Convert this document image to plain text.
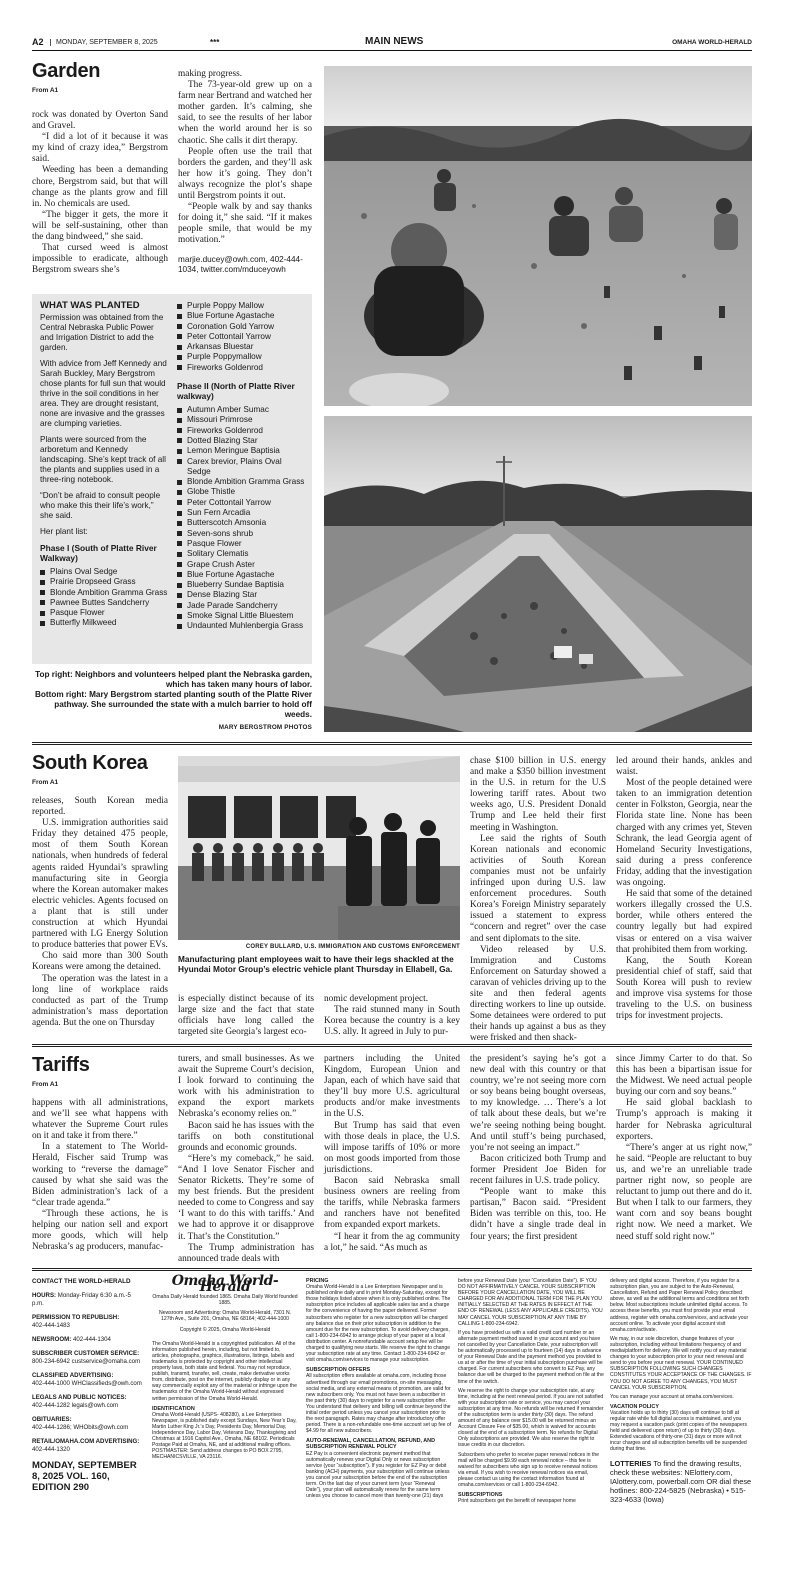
A2	MONDAY, SEPTEMBER 8, 2025	***	MAIN NEWS	OMAHA WORLD-HERALD
Garden
From A1

rock was donated by Overton Sand and Gravel.

“I did a lot of it because it was my kind of crazy idea,” Bergstrom said.

Weeding has been a demanding chore, Bergstrom said, but that will change as the plants grow and fill in. No chemicals are used.

“The bigger it gets, the more it will be self-sustaining, other than the dang bindweed,” she said.

That cursed weed is almost impossible to eradicate, although Bergstrom swears she’s

making progress.

The 73-year-old grew up on a farm near Bertrand and watched her mother garden. It’s calming, she said, to see the results of her labor when the world around her is so chaotic. She calls it dirt therapy.

People often use the trail that borders the garden, and they’ll ask her how it’s going. They don’t always recognize the plot’s shape until Bergstrom points it out.

“People walk by and say thanks for doing it,” she said. “If it makes people smile, that would be my motivation.”

marjie.ducey@owh.com, 402-444-1034, twitter.com/mduceyowh

WHAT WAS PLANTED

Permission was obtained from the Central Nebraska Public Power and Irrigation District to add the garden.

With advice from Jeff Kennedy and Sarah Buckley, Mary Bergstrom chose plants for full sun that would thrive in the soil conditions in her area. They are drought resistant, none are invasive and the grasses are clumping varieties.

Plants were sourced from the arboretum and Kennedy landscaping. She’s kept track of all the plants and supplies used in a three-ring notebook.

“Don’t be afraid to consult people who make this their life’s work,” she said.

Her plant list:

Phase I (South of Platte River Walkway)
Plains Oval Sedge
Prairie Dropseed Grass
Blonde Ambition Gramma Grass
Pawnee Buttes Sandcherry
Pasque Flower
Butterfly Milkweed
Purple Poppy Mallow
Blue Fortune Agastache
Coronation Gold Yarrow
Peter Cottontail Yarrow
Arkansas Bluestar
Purple Poppymallow
Fireworks Goldenrod
Phase II (North of Platte River walkway)
Autumn Amber Sumac
Missouri Primrose
Fireworks Goldenrod
Dotted Blazing Star
Lemon Meringue Baptisia
Carex brevior, Plains Oval Sedge
Blonde Ambition Gramma Grass
Globe Thistle
Peter Cottontail Yarrow
Sun Fern Arcadia
Butterscotch Amsonia
Seven-sons shrub
Pasque Flower
Solitary Clematis
Grape Crush Aster
Blue Fortune Agastache
Blueberry Sundae Baptisia
Dense Blazing Star
Jade Parade Sandcherry
Smoke Signal Little Bluestem
Undaunted Muhlenbergia Grass

Top right: Neighbors and volunteers helped plant the Nebraska garden, which has taken many hours of labor.

Bottom right: Mary Bergstrom started planting south of the Platte River pathway. She surrounded the state with a mulch barrier to hold off weeds.

MARY BERGSTROM PHOTOS

South Korea
From A1

releases, South Korean media reported.

U.S. immigration authorities said Friday they detained 475 people, most of them South Korean nationals, when hundreds of federal agents raided Hyundai’s sprawling manufacturing site in Georgia where the Korean automaker makes electric vehicles. Agents focused on a plant that is still under construction at which Hyundai partnered with LG Energy Solution to produce batteries that power EVs.

Cho said more than 300 South Koreans were among the detained.

The operation was the latest in a long line of workplace raids conducted as part of the Trump administration’s mass deportation agenda. But the one on Thursday

COREY BULLARD, U.S. IMMIGRATION AND CUSTOMS ENFORCEMENT

Manufacturing plant employees wait to have their legs shackled at the Hyundai Motor Group’s electric vehicle plant Thursday in Ellabell, Ga.

is especially distinct because of its large size and the fact that state officials have long called the targeted site Georgia’s largest eco-

nomic development project.

The raid stunned many in South Korea because the country is a key U.S. ally. It agreed in July to pur-

chase $100 billion in U.S. energy and make a $350 billion investment in the U.S. in return for the U.S lowering tariff rates. About two weeks ago, U.S. President Donald Trump and Lee held their first meeting in Washington.

Lee said the rights of South Korean nationals and economic activities of South Korean companies must not be unfairly infringed upon during U.S. law enforcement procedures. South Korea’s Foreign Ministry separately issued a statement to express “concern and regret” over the case and sent diplomats to the site.

Video released by U.S. Immigration and Customs Enforcement on Saturday showed a caravan of vehicles driving up to the site and then federal agents directing workers to line up outside. Some detainees were ordered to put their hands up against a bus as they were frisked and then shack-

led around their hands, ankles and waist.

Most of the people detained were taken to an immigration detention center in Folkston, Georgia, near the Florida state line. None has been charged with any crimes yet, Steven Schrank, the lead Georgia agent of Homeland Security Investigations, said during a press conference Friday, adding that the investigation was ongoing.

He said that some of the detained workers illegally crossed the U.S. border, while others entered the country legally but had expired visas or entered on a visa waiver that prohibited them from working.

Kang, the South Korean presidential chief of staff, said that South Korea will push to review and improve visa systems for those traveling to the U.S. on business trips for investment projects.

Tariffs
From A1

happens with all administrations, and we’ll see what happens with whatever the Supreme Court rules on it and take it from there.”

In a statement to The World-Herald, Fischer said Trump was working to “reverse the damage” caused by what she said was the Biden administration’s lack of a “clear trade agenda.”

“Through these actions, he is helping our nation sell and export more goods, which will help Nebraska’s ag producers, manufac-

turers, and small businesses. As we await the Supreme Court’s decision, I look forward to continuing the work with his administration to expand the export markets Nebraska’s economy relies on.”

Bacon said he has issues with the tariffs on both constitutional grounds and economic grounds.

“Here’s my comeback,” he said. “And I love Senator Fischer and Senator Ricketts. They’re some of my best friends. But the president needed to come to Congress and say ‘I want to do this with tariffs.’ And we had to approve it or disapprove it. That’s the Constitution.”

The Trump administration has announced trade deals with

partners including the United Kingdom, European Union and Japan, each of which have said that they’ll buy more U.S. agricultural products and/or make investments in the U.S.

But Trump has said that even with those deals in place, the U.S. will impose tariffs of 10% or more on most goods imported from those jurisdictions.

Bacon said Nebraska small business owners are reeling from the tariffs, while Nebraska farmers and ranchers have not benefited from expanded export markets.

“I hear it from the ag community a lot,” he said. “As much as

the president’s saying he’s got a new deal with this country or that country, we’re not seeing more corn or soy beans being bought overseas, to my knowledge. … There’s a lot of talk about these deals, but we’re we’re seeing nothing being bought. And until stuff’s being purchased, you’re not seeing an impact.”

Bacon criticized both Trump and former President Joe Biden for recent failures in U.S. trade policy.

“People want to make this partisan,” Bacon said. “President Biden was terrible on this, too. He didn’t have a single trade deal in four years; the first president

since Jimmy Carter to do that. So this has been a bipartisan issue for the Midwest. We need actual people buying our corn and soy beans.”

He said global backlash to Trump’s approach is making it harder for Nebraska agricultural exporters.

“There’s anger at us right now,” he said. “People are reluctant to buy us, and we’re an unreliable trade partner right now, so people are reluctant to jump out there and do it. But when I talk to our farmers, they want corn and soy beans bought right now. We need a market. We need stuff sold right now.”

CONTACT THE WORLD-HERALD
HOURS: Monday-Friday 6:30 a.m.-5 p.m.
PERMISSION TO REPUBLISH:
402-444-1483
NEWSROOM: 402-444-1304
SUBSCRIBER CUSTOMER SERVICE: 800-234-6942 custservice@omaha.com
CLASSIFIED ADVERTISING:
402-444-1000 WHClassifieds@owh.com
LEGALS AND PUBLIC NOTICES:
402-444-1282 legals@owh.com
OBITUARIES:
402-444-1286; WHObits@owh.com
RETAIL/OMAHA.COM ADVERTISING: 402-444-1320
MONDAY, SEPTEMBER 8, 2025 VOL. 160, EDITION 290
Omaha World-Herald

Omaha Daily Herald founded 1865. Omaha Daily World founded 1885.

Newsroom and Advertising: Omaha World-Herald, 7301 N. 127th Ave., Suite 201, Omaha, NE 68164; 402-444-1000

Copyright © 2025, Omaha World-Herald

The Omaha World-Herald is a copyrighted publication. All of the information published herein, including, but not limited to, articles, photographs, graphics, illustrations, listings, labels and trademarks is protected by copyright and other intellectual property laws, both state and federal. You may not reproduce, publish, transmit, transfer, sell, create, make derivative works from, distribute, post on the internet, publicly display or in any way commercially exploit any of the material or infringe upon the trademarks of the Omaha World-Herald without expressed written permission of the Omaha World-Herald.

IDENTIFICATION

Omaha World-Herald (USPS- 408280), a Lee Enterprises Newspaper, is published daily except Sundays, New Year’s Day, Martin Luther King Jr.’s Day, Presidents Day, Memorial Day, Independence Day, Labor Day, Veterans Day, Thanksgiving and Christmas at 1916 Capitol Ave., Omaha, NE 68102. Periodicals Postage Paid at Omaha, NE, and at additional mailing offices. POSTMASTER: Send address changes to PO BOX 2795, MECHANICSVILLE, VA 23116.

PRICING

Omaha World-Herald is a Lee Enterprises Newspaper and is published online daily and in print Monday-Saturday, except for those holidays listed above when it is only published online. The subscription price includes all applicable sales tax and a charge for the convenience of having the paper delivered. Former subscribers who register for a new subscription will be charged any balance due on their prior subscription in addition to the amount due for the new subscription. To avoid delivery charges, call 1-800-234-6942 to arrange pickup of your paper at a local distribution center. A nonrefundable account setup fee will be charged to qualifying new starts. We reserve the right to change your subscription rate at any time. Contact 1-800-234-6942 or visit omaha.com/services to manage your subscription.

SUBSCRIPTION OFFERS

All subscription offers available at omaha.com, including those advertised through our email promotions, on-site messaging, social media, and any external means of promotion, are valid for new subscribers only. You must not have been a subscriber in the past thirty (30) days to register for a new subscription offer. You understand that delivery and billing will continue beyond the initial order period unless you cancel your subscription prior to the next paragraph. Rates may change after introductory offer period. There is a non-refundable one-time account set up fee of $4.99 for all new subscribers.

AUTO-RENEWAL, CANCELLATION, REFUND, AND SUBSCRIPTION RENEWAL POLICY

EZ Pay is a convenient electronic payment method that automatically renews your Digital Only or news subscription service (your “subscription”). If you register for EZ Pay or debit banking (ACH) payments, your subscription will continue unless you cancel your subscription before the end of the subscription term. On the last day of your current term (your “Renewal Date”), your plan will automatically renew for the same term unless you choose to cancel more than twenty-one (21) days

before your Renewal Date (your “Cancellation Date”). IF YOU DO NOT AFFIRMATIVELY CANCEL YOUR SUBSCRIPTION BEFORE YOUR CANCELLATION DATE, YOU WILL BE CHARGED FOR AN ADDITIONAL TERM FOR THE PLAN YOU INITIALLY SELECTED AT THE RATES IN EFFECT AT THE END OF RENEWAL (LESS ANY APPLICABLE CREDITS). YOU MAY CANCEL YOUR SUBSCRIPTION AT ANY TIME BY CALLING 1-800-234-6942.

If you have provided us with a valid credit card number or an alternate payment method saved in your account and you have not cancelled by your Cancellation Date, your subscription will be automatically processed up to fourteen (14) days in advance of your Renewal Date and the payment method you provided to us at or after the time of your initial subscription purchase will be charged. For current subscribers who convert to EZ Pay, any balance due will be charged to the payment method on file at the time of the switch.

We reserve the right to change your subscription rate, at any time, including at the next renewal period. If you are not satisfied with your subscription rate or service, you may cancel your subscription at any time. No refunds will be returned if remainder of the subscription term is under thirty (30) days. The refund amount of any balance over $15.00 will be returned minus an Account Closure Fee of $35.00, which is waived for accounts closed at the end of a subscription term. No refunds for Digital Only subscriptions are provided. We also reserve the right to issue credits in our discretion.

Subscribers who prefer to receive paper renewal notices in the mail will be charged $9.99 each renewal notice – this fee is waived for subscribers who sign up to receive renewal notices via email. If you wish to receive renewal notices via email, please contact us using the contact information found at omaha.com/services or call 1-800-234-6942.

SUBSCRIPTIONS

Print subscribers get the benefit of newspaper home

delivery and digital access. Therefore, if you register for a subscription plan, you are subject to the Auto-Renewal, Cancellation, Refund and Paper Renewal Policy described above, as well as the additional terms and conditions set forth below. Most subscriptions include unlimited digital access. To access these benefits, you must first provide your email address, register with omaha.com/services, and activate your account online. To activate your digital account visit omaha.com/activate.

We may, in our sole discretion, change features of your subscription, including without limitations frequency of and media/platform for delivery. We will notify you of any material changes to your subscription prior to your next renewal and send to you before your next renewal. YOUR CONTINUED SUBSCRIPTION FOLLOWING SUCH CHANGES CONSTITUTES YOUR ACCEPTANCE OF THE CHANGES. IF YOU DO NOT AGREE TO ANY CHANGES, YOU MUST CANCEL YOUR SUBSCRIPTION.

You can manage your account at omaha.com/services.

VACATION POLICY

Vacation holds up to thirty (30) days will continue to bill at regular rate while full digital access is maintained, and you may request a vacation pack (print copies of the newspapers held and delivered upon return) of up to thirty (30) days. Extended vacations of thirty-one (31) days or more will not incur charges and all subscription benefits will be suspended during that time.

LOTTERIES To find the drawing results, check these websites: NElottery.com, IAlottery.com, powerball.com OR dial these hotlines: 800-224-5825 (Nebraska) • 515-323-4633 (Iowa)
